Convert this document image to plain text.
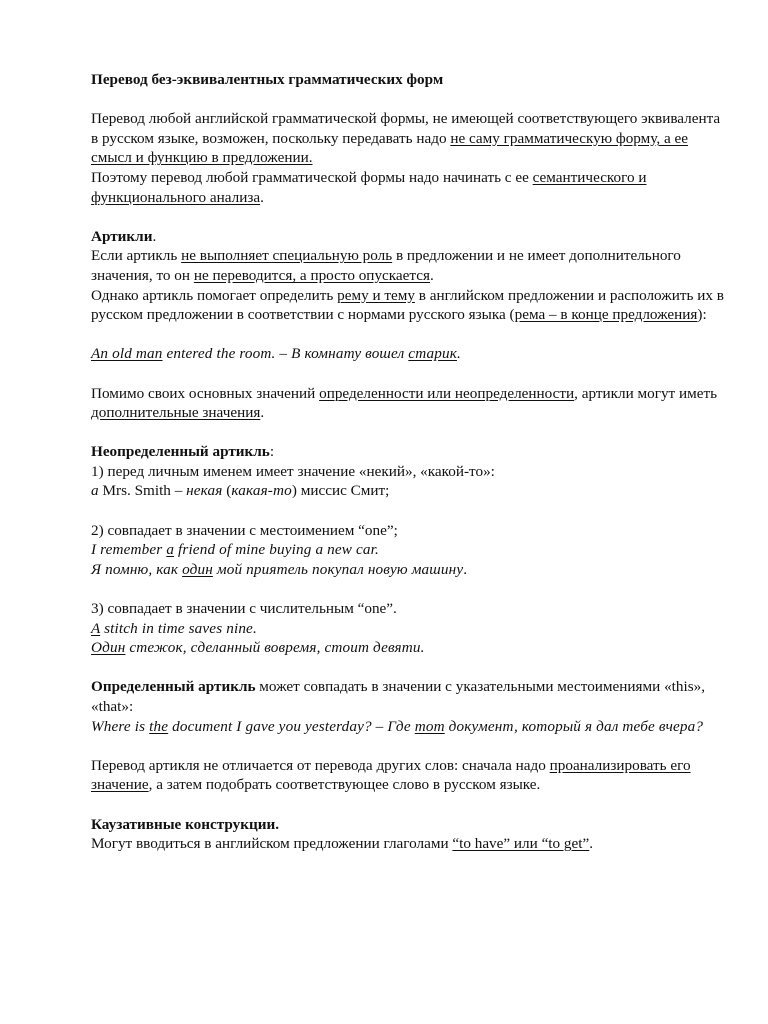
Перевод без-эквивалентных грамматических форм

Перевод любой английской грамматической формы, не имеющей соответствующего эквивалента в русском языке, возможен, поскольку передавать надо не саму грамматическую форму, а ее смысл и функцию в предложении.

Поэтому перевод любой грамматической формы надо начинать с ее семантического и функционального анализа.

Артикли.

Если артикль не выполняет специальную роль в предложении и не имеет дополнительного значения, то он не переводится, а просто опускается.

Однако артикль помогает определить рему и тему в английском предложении и расположить их в русском предложении в соответствии с нормами русского языка (рема – в конце предложения):

An old man entered the room. – В комнату вошел старик.

Помимо своих основных значений определенности или неопределенности, артикли могут иметь дополнительные значения.

Неопределенный артикль:

1) перед личным именем имеет значение «некий», «какой-то»:

a Mrs. Smith – некая (какая-то) миссис Смит;

2) совпадает в значении с местоимением “one”;

I remember a friend of mine buying a new car.

Я помню, как один мой приятель покупал новую машину.

3) совпадает в значении с числительным “one”.

A stitch in time saves nine.

Один стежок, сделанный вовремя, стоит девяти.

Определенный артикль может совпадать в значении с указательными местоимениями «this», «that»:

Where is the document I gave you yesterday? – Где тот документ, который я дал тебе вчера?

Перевод артикля не отличается от перевода других слов: сначала надо проанализировать его значение, а затем подобрать соответствующее слово в русском языке.

Каузативные конструкции.

Могут вводиться в английском предложении глаголами “to have” или “to get”.
